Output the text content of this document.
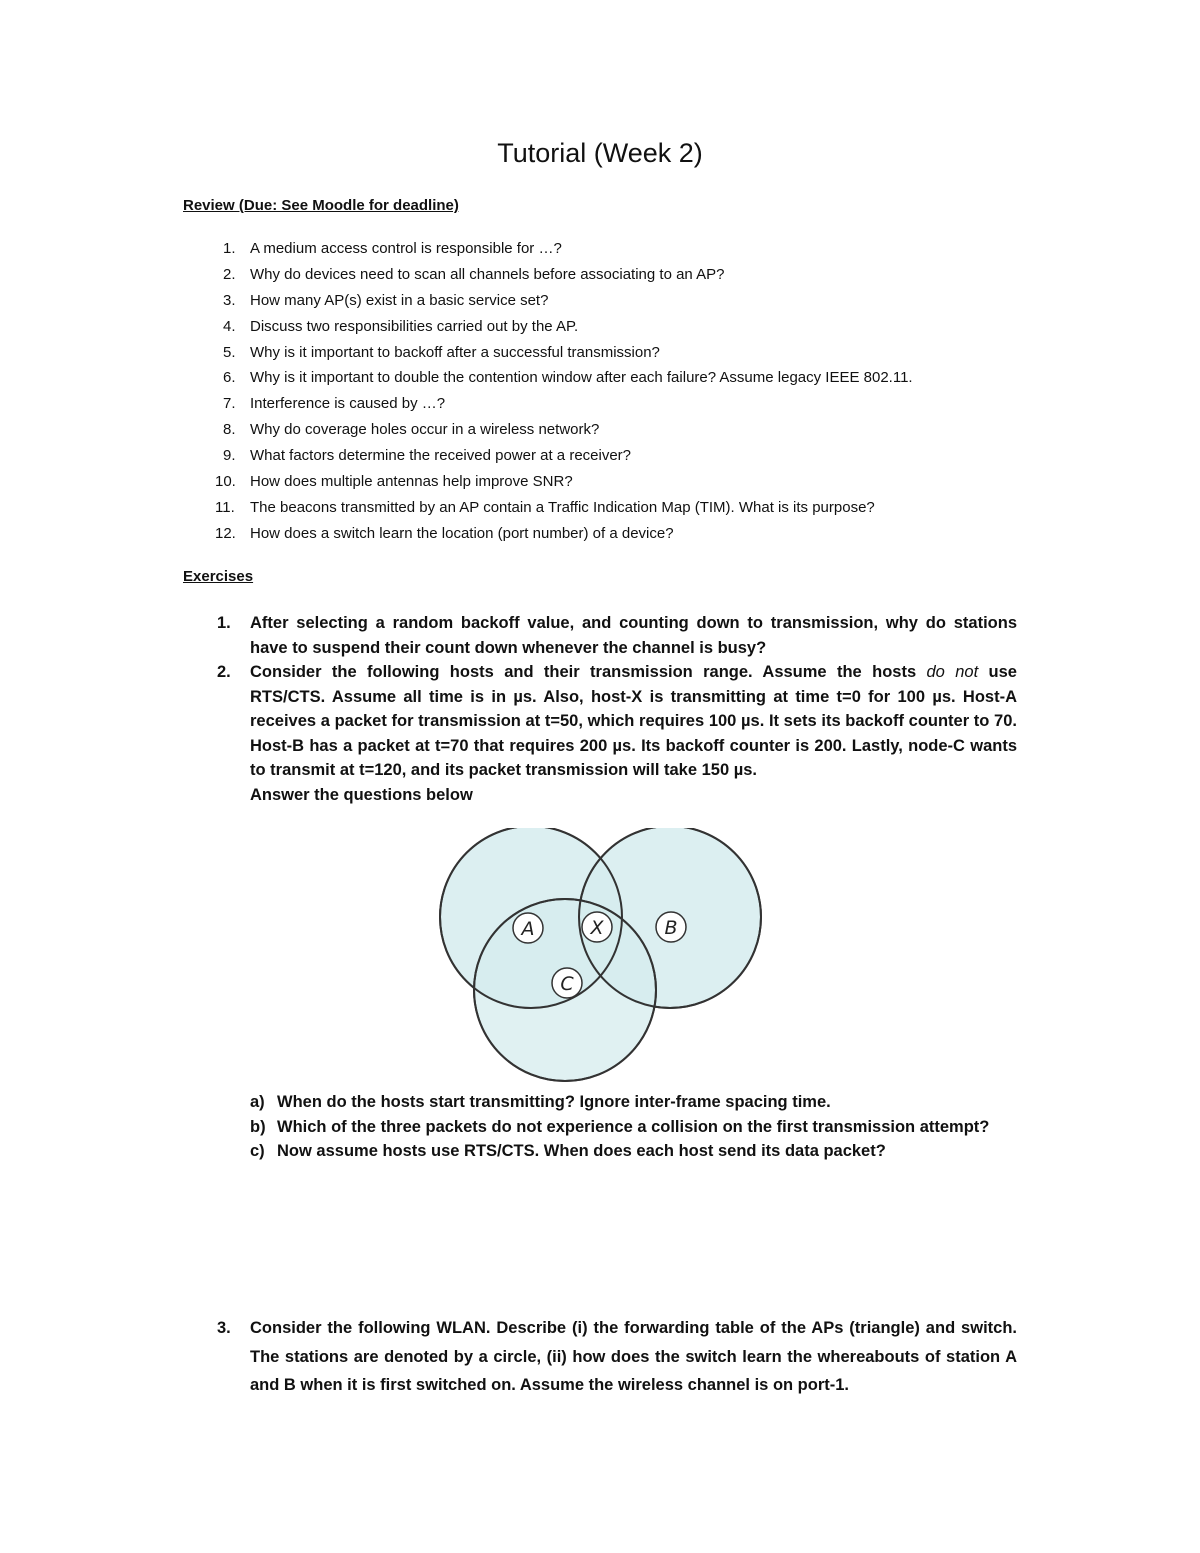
Tutorial (Week 2)
Review (Due: See Moodle for deadline)
1. A medium access control is responsible for …?
2. Why do devices need to scan all channels before associating to an AP?
3. How many AP(s) exist in a basic service set?
4. Discuss two responsibilities carried out by the AP.
5. Why is it important to backoff after a successful transmission?
6. Why is it important to double the contention window after each failure? Assume legacy IEEE 802.11.
7. Interference is caused by …?
8. Why do coverage holes occur in a wireless network?
9. What factors determine the received power at a receiver?
10. How does multiple antennas help improve SNR?
11.	The beacons transmitted by an AP contain a Traffic Indication Map (TIM). What is its purpose?
12. How does a switch learn the location (port number) of a device?
Exercises
1. After selecting a random backoff value, and counting down to transmission, why do stations have to suspend their count down whenever the channel is busy?
2. Consider the following hosts and their transmission range. Assume the hosts do not use RTS/CTS. Assume all time is in µs. Also, host-X is transmitting at time t=0 for 100 µs. Host-A receives a packet for transmission at t=50, which requires 100 µs. It sets its backoff counter to 70. Host-B has a packet at t=70 that requires 200 µs. Its backoff counter is 200. Lastly, node-C wants to transmit at t=120, and its packet transmission will take 150 µs.
Answer the questions below
A	X	B
C
a) When do the hosts start transmitting? Ignore inter-frame spacing time.
b) Which of the three packets do not experience a collision on the first transmission attempt?
c) Now assume hosts use RTS/CTS. When does each host send its data packet?
3. Consider the following WLAN. Describe (i) the forwarding table of the APs (triangle) and switch. The stations are denoted by a circle, (ii) how does the switch learn the whereabouts of station A and B when it is first switched on. Assume the wireless channel is on port-1.
